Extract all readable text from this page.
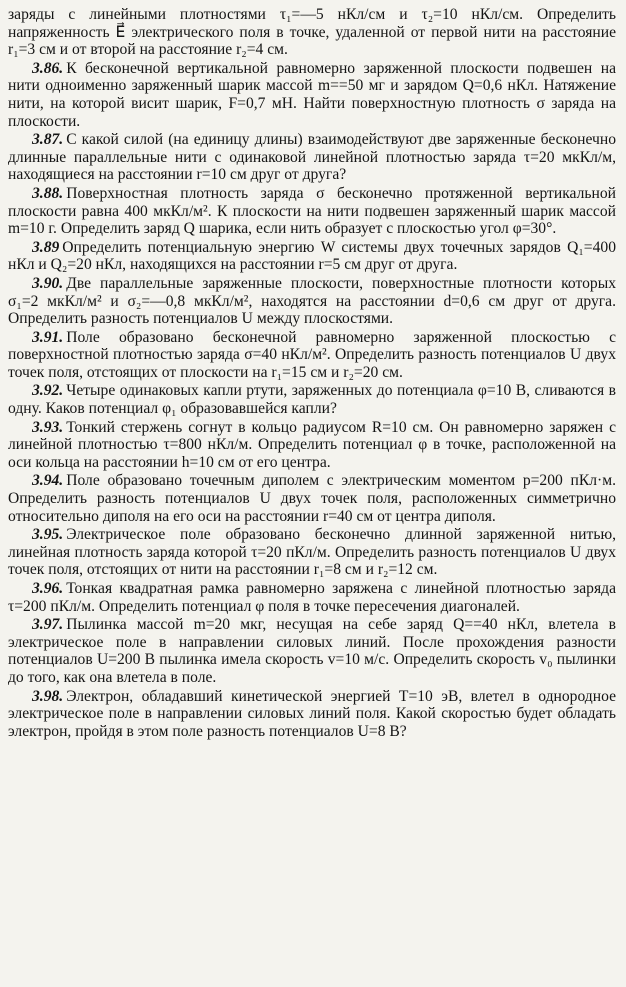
заряды с линейными плотностями τ₁=—5 нКл/см и τ₂=10 нКл/см. Определить напряженность E⃗ электрического поля в точке, удаленной от первой нити на расстояние r₁=3 см и от второй на расстояние r₂=4 см.

3.86. К бесконечной вертикальной равномерно заряженной плоскости подвешен на нити одноименно заряженный шарик массой m==50 мг и зарядом Q=0,6 нКл. Натяжение нити, на которой висит шарик, F=0,7 мН. Найти поверхностную плотность σ заряда на плоскости.

3.87. С какой силой (на единицу длины) взаимодействуют две заряженные бесконечно длинные параллельные нити с одинаковой линейной плотностью заряда τ=20 мкКл/м, находящиеся на расстоянии r=10 см друг от друга?

3.88. Поверхностная плотность заряда σ бесконечно протяженной вертикальной плоскости равна 400 мкКл/м². К плоскости на нити подвешен заряженный шарик массой m=10 г. Определить заряд Q шарика, если нить образует с плоскостью угол φ=30°.

3.89 Определить потенциальную энергию W системы двух точечных зарядов Q₁=400 нКл и Q₂=20 нКл, находящихся на расстоянии r=5 см друг от друга.

3.90. Две параллельные заряженные плоскости, поверхностные плотности которых σ₁=2 мкКл/м² и σ₂=—0,8 мкКл/м², находятся на расстоянии d=0,6 см друг от друга. Определить разность потенциалов U между плоскостями.

3.91. Поле образовано бесконечной равномерно заряженной плоскостью с поверхностной плотностью заряда σ=40 нКл/м². Определить разность потенциалов U двух точек поля, отстоящих от плоскости на r₁=15 см и r₂=20 см.

3.92. Четыре одинаковых капли ртути, заряженных до потенциала φ=10 В, сливаются в одну. Каков потенциал φ₁ образовавшейся капли?

3.93. Тонкий стержень согнут в кольцо радиусом R=10 см. Он равномерно заряжен с линейной плотностью τ=800 нКл/м. Определить потенциал φ в точке, расположенной на оси кольца на расстоянии h=10 см от его центра.

3.94. Поле образовано точечным диполем с электрическим моментом p=200 пКл·м. Определить разность потенциалов U двух точек поля, расположенных симметрично относительно диполя на его оси на расстоянии r=40 см от центра диполя.

3.95. Электрическое поле образовано бесконечно длинной заряженной нитью, линейная плотность заряда которой τ=20 пКл/м. Определить разность потенциалов U двух точек поля, отстоящих от нити на расстоянии r₁=8 см и r₂=12 см.

3.96. Тонкая квадратная рамка равномерно заряжена с линейной плотностью заряда τ=200 пКл/м. Определить потенциал φ поля в точке пересечения диагоналей.

3.97. Пылинка массой m=20 мкг, несущая на себе заряд Q==40 нКл, влетела в электрическое поле в направлении силовых линий. После прохождения разности потенциалов U=200 В пылинка имела скорость v=10 м/с. Определить скорость v₀ пылинки до того, как она влетела в поле.

3.98. Электрон, обладавший кинетической энергией T=10 эВ, влетел в однородное электрическое поле в направлении силовых линий поля. Какой скоростью будет обладать электрон, пройдя в этом поле разность потенциалов U=8 В?
